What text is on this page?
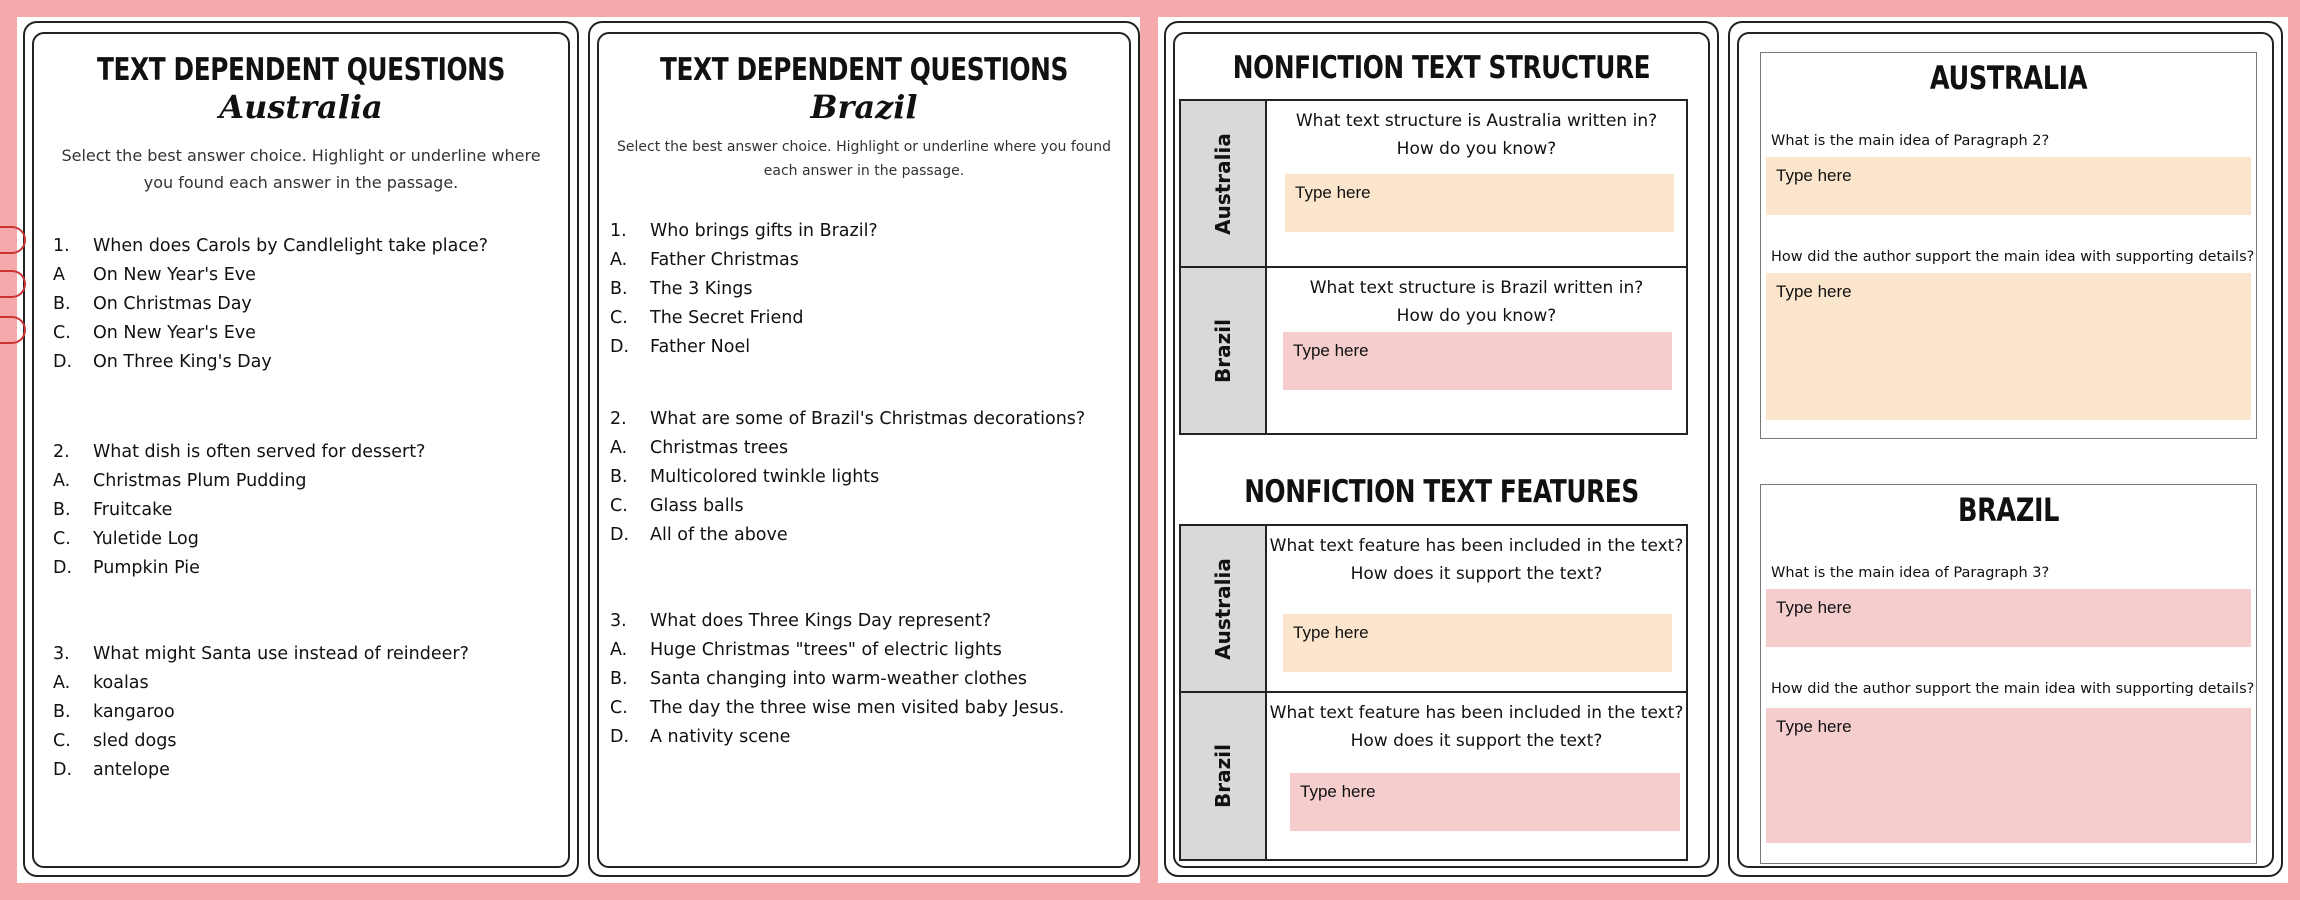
TEXT DEPENDENT QUESTIONS
Australia

Select the best answer choice. Highlight or underline where you found each answer in the passage.

1.	When does Carols by Candlelight take place?
A	On New Year's Eve
B.	On Christmas Day
C.	On New Year's Eve
D.	On Three King's Day
2.	What dish is often served for dessert?
A.	Christmas Plum Pudding
B.	Fruitcake
C.	Yuletide Log
D.	Pumpkin Pie
3.	What might Santa use instead of reindeer?
A.	koalas
B.	kangaroo
C.	sled dogs
D.	antelope
TEXT DEPENDENT QUESTIONS
Brazil

Select the best answer choice. Highlight or underline where you found each answer in the passage.

1.	Who brings gifts in Brazil?
A.	Father Christmas
B.	The 3 Kings
C.	The Secret Friend
D.	Father Noel
2.	What are some of Brazil's Christmas decorations?
A.	Christmas trees
B.	Multicolored twinkle lights
C.	Glass balls
D.	All of the above
3.	What does Three Kings Day represent?
A.	Huge Christmas "trees" of electric lights
B.	Santa changing into warm-weather clothes
C.	The day the three wise men visited baby Jesus.
D.	A nativity scene
NONFICTION TEXT STRUCTURE
Australia	What text structure is Australia written in?
How do you know?

Type here

Brazil	What text structure is Brazil written in?
How do you know?

Type here
NONFICTION TEXT FEATURES
Australia	What text feature has been included in the text?
How does it support the text?

Type here

Brazil	What text feature has been included in the text?
How does it support the text?

Type here
AUSTRALIA

What is the main idea of Paragraph 2?

Type here

How did the author support the main idea with supporting details?

Type here
BRAZIL

What is the main idea of Paragraph 3?

Type here

How did the author support the main idea with supporting details?

Type here
